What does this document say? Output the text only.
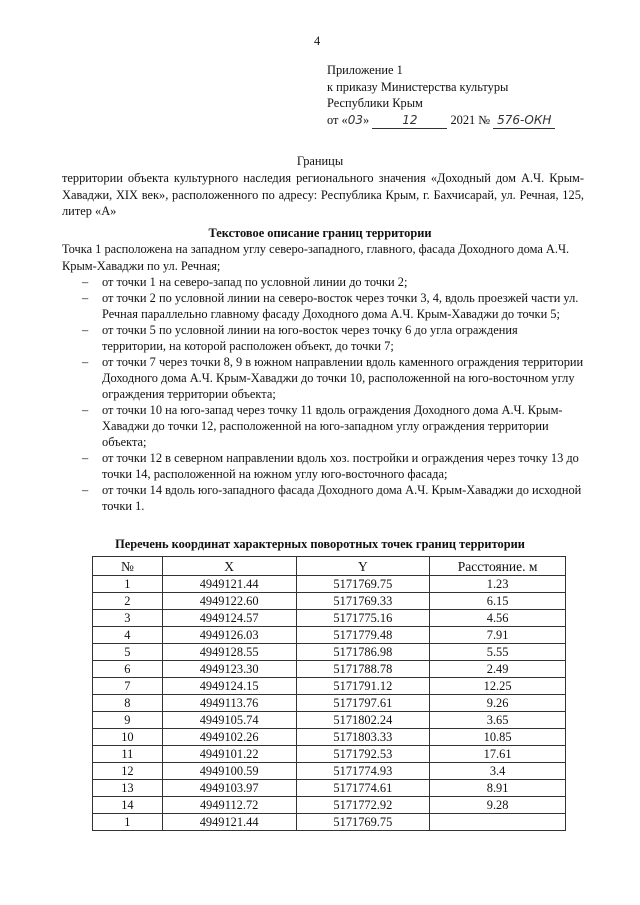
4
Приложение 1
к приказу Министерства культуры
Республики Крым
от «03»	12	2021 № 576-ОКН
Границы
территории объекта культурного наследия регионального значения «Доходный дом А.Ч. Крым-Хаваджи, XIX век», расположенного по адресу: Республика Крым, г. Бахчисарай, ул. Речная, 125, литер «А»
Текстовое описание границ территории
Точка 1 расположена на западном углу северо-западного, главного, фасада Доходного дома А.Ч. Крым-Хаваджи по ул. Речная;
– от точки 1 на северо-запад по условной линии до точки 2;
– от точки 2 по условной линии на северо-восток через точки 3, 4, вдоль проезжей части ул. Речная параллельно главному фасаду Доходного дома А.Ч. Крым-Хаваджи до точки 5;
– от точки 5 по условной линии на юго-восток через точку 6 до угла ограждения территории, на которой расположен объект, до точки 7;
– от точки 7 через точки 8, 9 в южном направлении вдоль каменного ограждения территории Доходного дома А.Ч. Крым-Хаваджи до точки 10, расположенной на юго-восточном углу ограждения территории объекта;
– от точки 10 на юго-запад через точку 11 вдоль ограждения Доходного дома А.Ч. Крым-Хаваджи до точки 12, расположенной на юго-западном углу ограждения территории объекта;
– от точки 12 в северном направлении вдоль хоз. постройки и ограждения через точку 13 до точки 14, расположенной на южном углу юго-восточного фасада;
– от точки 14 вдоль юго-западного фасада Доходного дома А.Ч. Крым-Хаваджи до исходной точки 1.
Перечень координат характерных поворотных точек границ территории
№	X	Y	Расстояние. м
1	4949121.44	5171769.75	1.23
2	4949122.60	5171769.33	6.15
3	4949124.57	5171775.16	4.56
4	4949126.03	5171779.48	7.91
5	4949128.55	5171786.98	5.55
6	4949123.30	5171788.78	2.49
7	4949124.15	5171791.12	12.25
8	4949113.76	5171797.61	9.26
9	4949105.74	5171802.24	3.65
10	4949102.26	5171803.33	10.85
11	4949101.22	5171792.53	17.61
12	4949100.59	5171774.93	3.4
13	4949103.97	5171774.61	8.91
14	4949112.72	5171772.92	9.28
1	4949121.44	5171769.75	
